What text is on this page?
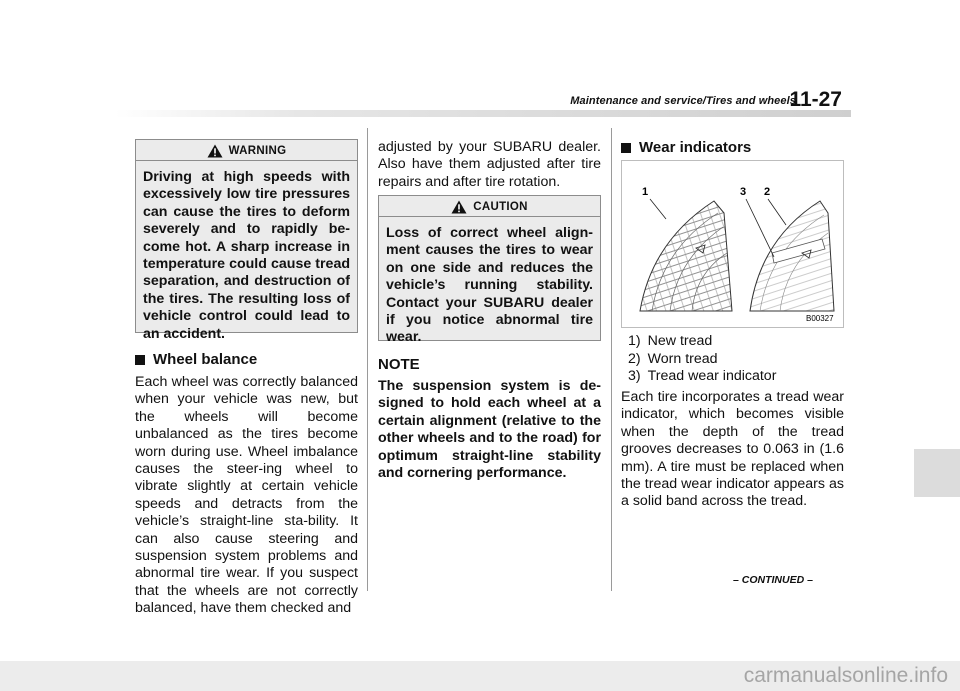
Maintenance and service/Tires and wheels
11-27
WARNING
Driving at high speeds with excessively low tire pressures can cause the tires to deform severely and to rapidly be-come hot. A sharp increase in temperature could cause tread separation, and destruction of the tires. The resulting loss of vehicle control could lead to an accident.
Wheel balance
Each wheel was correctly balanced when your vehicle was new, but the wheels will become unbalanced as the tires become worn during use. Wheel imbalance causes the steer-ing wheel to vibrate slightly at certain vehicle speeds and detracts from the vehicle’s straight-line sta-bility. It can also cause steering and suspension system problems and abnormal tire wear. If you suspect that the wheels are not correctly balanced, have them checked and
adjusted by your SUBARU dealer. Also have them adjusted after tire repairs and after tire rotation.
CAUTION
Loss of correct wheel align-ment causes the tires to wear on one side and reduces the vehicle’s running stability. Contact your SUBARU dealer if you notice abnormal tire wear.
NOTE
The suspension system is de-signed to hold each wheel at a certain alignment (relative to the other wheels and to the road) for optimum straight-line stability and cornering performance.
Wear indicators
1	3 2
B00327
1) New tread
2) Worn tread
3) Tread wear indicator
Each tire incorporates a tread wear indicator, which becomes visible when the depth of the tread grooves decreases to 0.063 in (1.6 mm). A tire must be replaced when the tread wear indicator appears as a solid band across the tread.
– CONTINUED –
carmanualsonline.info
